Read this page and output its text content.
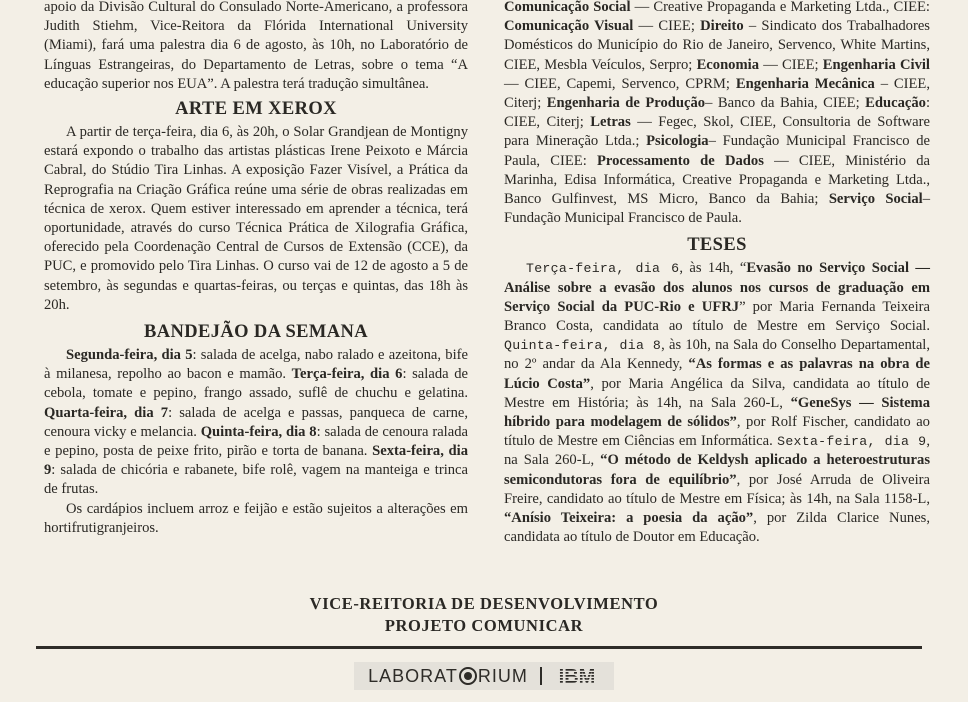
apoio da Divisão Cultural do Consulado Norte-Americano, a professora Judith Stiehm, Vice-Reitora da Flórida International University (Miami), fará uma palestra dia 6 de agosto, às 10h, no Laboratório de Línguas Estrangeiras, do Departamento de Letras, sobre o tema “A educação superior nos EUA”. A palestra terá tradução simultânea.

ARTE EM XEROX

A partir de terça-feira, dia 6, às 20h, o Solar Grandjean de Montigny estará expondo o trabalho das artistas plásticas Irene Peixoto e Márcia Cabral, do Stúdio Tira Linhas. A exposição Fazer Visível, a Prática da Reprografia na Criação Gráfica reúne uma série de obras realizadas em técnica de xerox. Quem estiver interessado em aprender a técnica, terá oportunidade, através do curso Técnica Prática de Xilografia Gráfica, oferecido pela Coordenação Central de Cursos de Extensão (CCE), da PUC, e promovido pelo Tira Linhas. O curso vai de 12 de agosto a 5 de setembro, às segundas e quartas-feiras, ou terças e quintas, das 18h às 20h.

BANDEJÃO DA SEMANA

Segunda-feira, dia 5: salada de acelga, nabo ralado e azeitona, bife à milanesa, repolho ao bacon e mamão. Terça-feira, dia 6: salada de cebola, tomate e pepino, frango assado, suflê de chuchu e gelatina. Quarta-feira, dia 7: salada de acelga e passas, panqueca de carne, cenoura vicky e melancia. Quinta-feira, dia 8: salada de cenoura ralada e pepino, posta de peixe frito, pirão e torta de banana. Sexta-feira, dia 9: salada de chicória e rabanete, bife rolê, vagem na manteiga e trinca de frutas.

Os cardápios incluem arroz e feijão e estão sujeitos a alterações em hortifrutigranjeiros.

Comunicação Social — Creative Propaganda e Marketing Ltda., CIEE: Comunicação Visual — CIEE; Direito – Sindicato dos Trabalhadores Domésticos do Município do Rio de Janeiro, Servenco, White Martins, CIEE, Mesbla Veículos, Serpro; Economia — CIEE; Engenharia Civil — CIEE, Capemi, Servenco, CPRM; Engenharia Mecânica – CIEE, Citerj; Engenharia de Produção– Banco da Bahia, CIEE; Educação: CIEE, Citerj; Letras — Fegec, Skol, CIEE, Consultoria de Software para Mineração Ltda.; Psicologia– Fundação Municipal Francisco de Paula, CIEE: Processamento de Dados — CIEE, Ministério da Marinha, Edisa Informática, Creative Propaganda e Marketing Ltda., Banco Gulfinvest, MS Micro, Banco da Bahia; Serviço Social– Fundação Municipal Francisco de Paula.

TESES

Terça-feira, dia 6, às 14h, “Evasão no Serviço Social — Análise sobre a evasão dos alunos nos cursos de graduação em Serviço Social da PUC-Rio e UFRJ” por Maria Fernanda Teixeira Branco Costa, candidata ao título de Mestre em Serviço Social. Quinta-feira, dia 8, às 10h, na Sala do Conselho Departamental, no 2º andar da Ala Kennedy, “As formas e as palavras na obra de Lúcio Costa”, por Maria Angélica da Silva, candidata ao título de Mestre em História; às 14h, na Sala 260-L, “GeneSys — Sistema híbrido para modelagem de sólidos”, por Rolf Fischer, candidato ao título de Mestre em Ciências em Informática. Sexta-feira, dia 9, na Sala 260-L, “O método de Keldysh aplicado a heteroestruturas semicondutoras fora de equilíbrio”, por José Arruda de Oliveira Freire, candidato ao título de Mestre em Física; às 14h, na Sala 1158-L, “Anísio Teixeira: a poesia da ação”, por Zilda Clarice Nunes, candidata ao título de Doutor em Educação.

VICE-REITORIA DE DESENVOLVIMENTO
PROJETO COMUNICAR
LABORAT RIUM IBM
